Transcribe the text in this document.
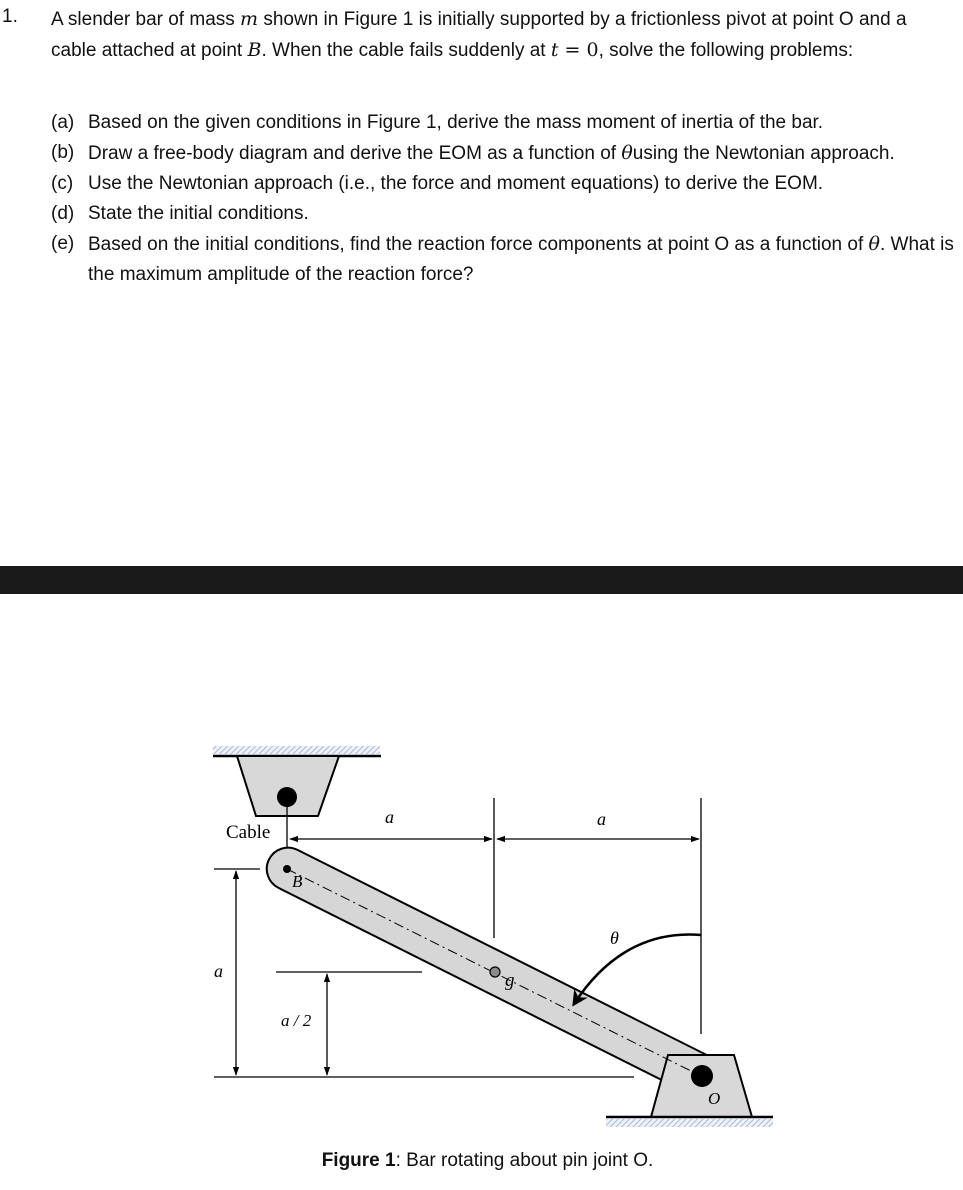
1. A slender bar of mass m shown in Figure 1 is initially supported by a frictionless pivot at point O and a cable attached at point B. When the cable fails suddenly at t = 0, solve the following problems:
(a) Based on the given conditions in Figure 1, derive the mass moment of inertia of the bar.
(b) Draw a free-body diagram and derive the EOM as a function of θusing the Newtonian approach.
(c) Use the Newtonian approach (i.e., the force and moment equations) to derive the EOM.
(d) State the initial conditions.
(e) Based on the initial conditions, find the reaction force components at point O as a function of θ. What is the maximum amplitude of the reaction force?
Cable
a	a
a
a / 2
θ
B
g
O
Figure 1: Bar rotating about pin joint O.
